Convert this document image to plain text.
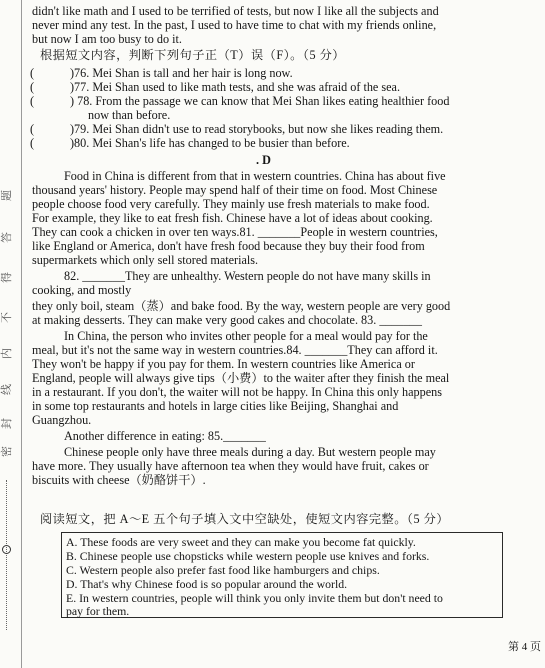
题
答
得
不
内
线
封
密
didn't like math and I used to be terrified of tests, but now I like all the subjects and
never mind any test. In the past, I used to have time to chat with my friends online,
but now I am too busy to do it.
根据短文内容，判断下列句子正（T）误（F）。（5 分）
(	)76. Mei Shan is tall and her hair is long now.
(	)77. Mei Shan used to like math tests, and she was afraid of the sea.
(	) 78. From the passage we can know that Mei Shan likes eating healthier food
now than before.
(	)79. Mei Shan didn't use to read storybooks, but now she likes reading them.
(	)80. Mei Shan's life has changed to be busier than before.
. D
Food in China is different from that in western countries. China has about five
thousand years' history. People may spend half of their time on food. Most Chinese
people choose food very carefully. They mainly use fresh materials to make food.
For example, they like to eat fresh fish. Chinese have a lot of ideas about cooking.
They can cook a chicken in over ten ways.81. _______People in western countries,
like England or America, don't have fresh food because they buy their food from
supermarkets which only sell stored materials.
82. _______They are unhealthy. Western people do not have many skills in
cooking, and mostly
they only boil, steam（蒸）and bake food. By the way, western people are very good
at making desserts. They can make very good cakes and chocolate. 83. _______
In China, the person who invites other people for a meal would pay for the
meal, but it's not the same way in western countries.84. _______They can afford it.
They won't be happy if you pay for them. In western countries like America or
England, people will always give tips（小费）to the waiter after they finish the meal
in a restaurant. If you don't, the waiter will not be happy. In China this only happens
in some top restaurants and hotels in large cities like Beijing, Shanghai and
Guangzhou.
Another difference in eating: 85._______
Chinese people only have three meals during a day. But western people may
have more. They usually have afternoon tea when they would have fruit, cakes or
biscuits with cheese（奶酪饼干）.
阅读短文，把 A～E 五个句子填入文中空缺处，使短文内容完整。（5 分）
A. These foods are very sweet and they can make you become fat quickly.
B. Chinese people use chopsticks while western people use knives and forks.
C. Western people also prefer fast food like hamburgers and chips.
D. That's why Chinese food is so popular around the world.
E. In western countries, people will think you only invite them but don't need to
pay for them.
第 4 页
